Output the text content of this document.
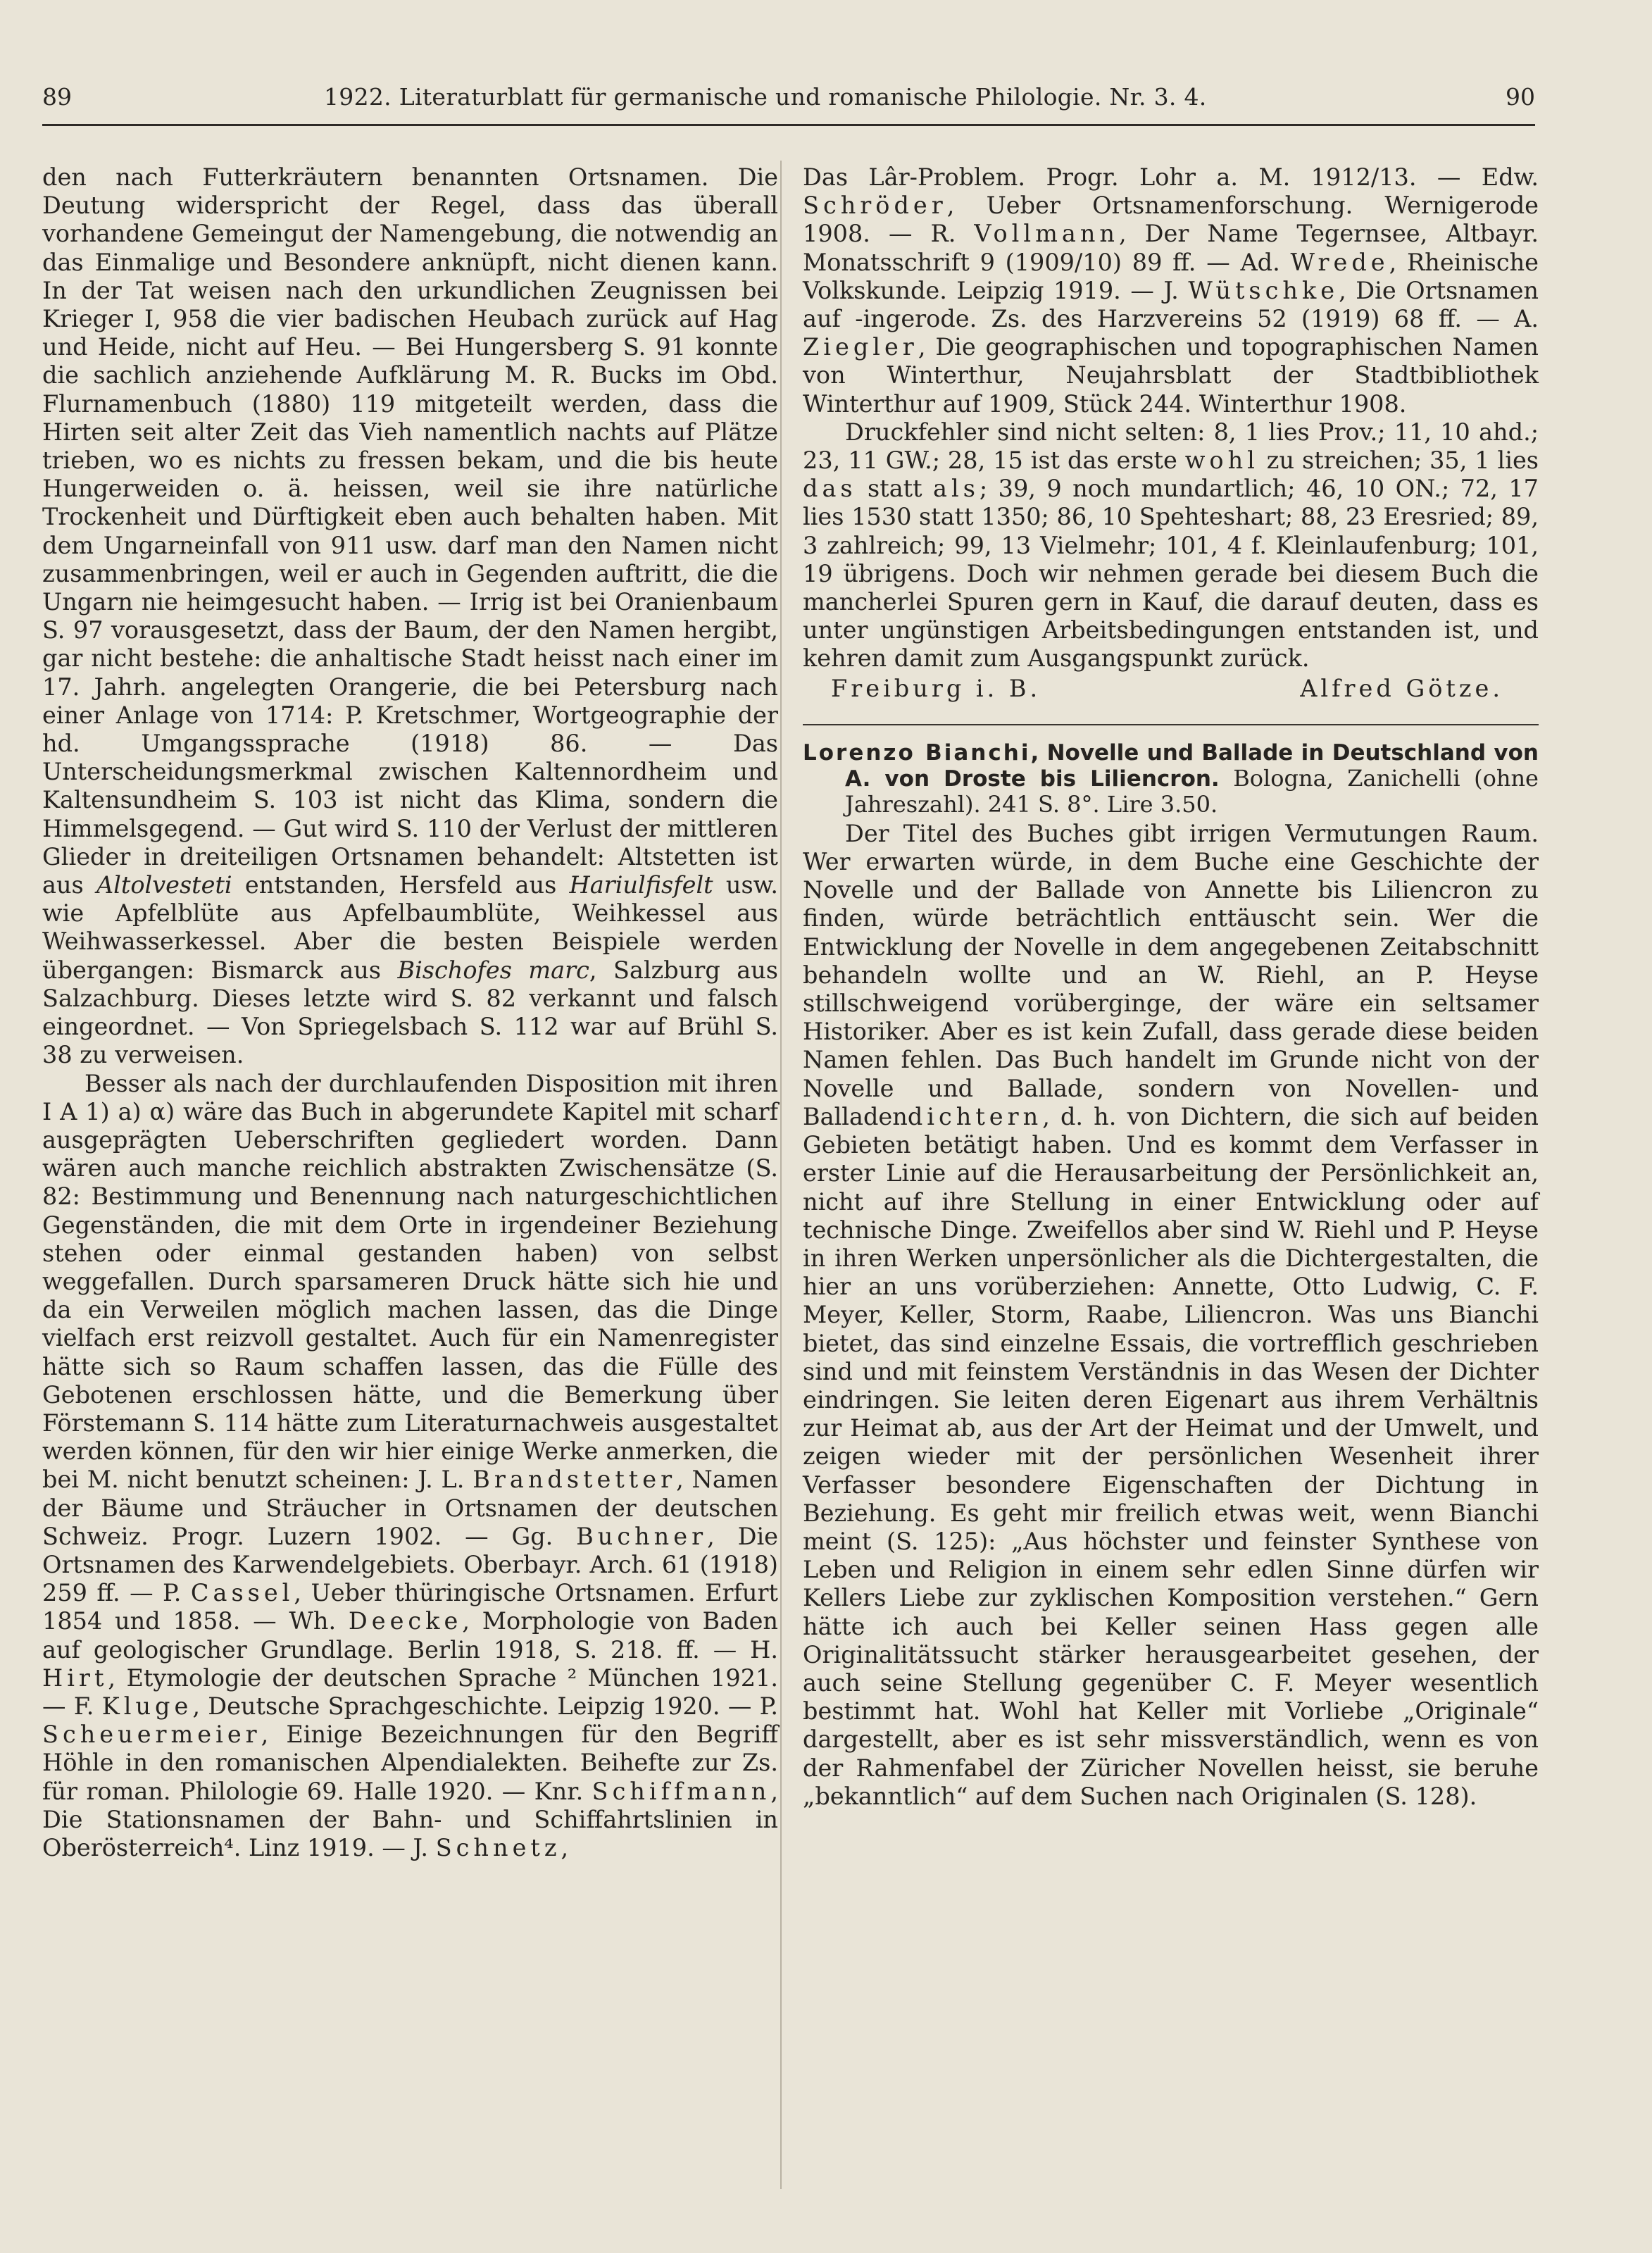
89	1922. Literaturblatt für germanische und romanische Philologie. Nr. 3. 4.	90

den nach Futterkräutern benannten Ortsnamen. Die Deutung widerspricht der Regel, dass das überall vorhandene Gemeingut der Namengebung, die notwendig an das Einmalige und Besondere anknüpft, nicht dienen kann. In der Tat weisen nach den urkundlichen Zeugnissen bei Krieger I, 958 die vier badischen Heubach zurück auf Hag und Heide, nicht auf Heu. — Bei Hungersberg S. 91 konnte die sachlich anziehende Aufklärung M. R. Bucks im Obd. Flurnamenbuch (1880) 119 mitgeteilt werden, dass die Hirten seit alter Zeit das Vieh namentlich nachts auf Plätze trieben, wo es nichts zu fressen bekam, und die bis heute Hungerweiden o. ä. heissen, weil sie ihre natürliche Trockenheit und Dürftigkeit eben auch behalten haben. Mit dem Ungarneinfall von 911 usw. darf man den Namen nicht zusammenbringen, weil er auch in Gegenden auftritt, die die Ungarn nie heimgesucht haben. — Irrig ist bei Oranienbaum S. 97 vorausgesetzt, dass der Baum, der den Namen hergibt, gar nicht bestehe: die anhaltische Stadt heisst nach einer im 17. Jahrh. angelegten Orangerie, die bei Petersburg nach einer Anlage von 1714: P. Kretschmer, Wortgeographie der hd. Umgangssprache (1918) 86. — Das Unterscheidungsmerkmal zwischen Kaltennordheim und Kaltensundheim S. 103 ist nicht das Klima, sondern die Himmelsgegend. — Gut wird S. 110 der Verlust der mittleren Glieder in dreiteiligen Ortsnamen behandelt: Altstetten ist aus Altolvesteti entstanden, Hersfeld aus Hariulfisfelt usw. wie Apfelblüte aus Apfelbaumblüte, Weihkessel aus Weihwasserkessel. Aber die besten Beispiele werden übergangen: Bismarck aus Bischofes marc, Salzburg aus Salzachburg. Dieses letzte wird S. 82 verkannt und falsch eingeordnet. — Von Spriegelsbach S. 112 war auf Brühl S. 38 zu verweisen.

Besser als nach der durchlaufenden Disposition mit ihren I A 1) a) α) wäre das Buch in abgerundete Kapitel mit scharf ausgeprägten Ueberschriften gegliedert worden. Dann wären auch manche reichlich abstrakten Zwischensätze (S. 82: Bestimmung und Benennung nach naturgeschichtlichen Gegenständen, die mit dem Orte in irgendeiner Beziehung stehen oder einmal gestanden haben) von selbst weggefallen. Durch sparsameren Druck hätte sich hie und da ein Verweilen möglich machen lassen, das die Dinge vielfach erst reizvoll gestaltet. Auch für ein Namenregister hätte sich so Raum schaffen lassen, das die Fülle des Gebotenen erschlossen hätte, und die Bemerkung über Förstemann S. 114 hätte zum Literaturnachweis ausgestaltet werden können, für den wir hier einige Werke anmerken, die bei M. nicht benutzt scheinen: J. L. Brandstetter, Namen der Bäume und Sträucher in Ortsnamen der deutschen Schweiz. Progr. Luzern 1902. — Gg. Buchner, Die Ortsnamen des Karwendelgebiets. Oberbayr. Arch. 61 (1918) 259 ff. — P. Cassel, Ueber thüringische Ortsnamen. Erfurt 1854 und 1858. — Wh. Deecke, Morphologie von Baden auf geologischer Grundlage. Berlin 1918, S. 218. ff. — H. Hirt, Etymologie der deutschen Sprache ² München 1921. — F. Kluge, Deutsche Sprachgeschichte. Leipzig 1920. — P. Scheuermeier, Einige Bezeichnungen für den Begriff Höhle in den romanischen Alpendialekten. Beihefte zur Zs. für roman. Philologie 69. Halle 1920. — Knr. Schiffmann, Die Stationsnamen der Bahn- und Schiffahrtslinien in Oberösterreich⁴. Linz 1919. — J. Schnetz,

Das Lâr-Problem. Progr. Lohr a. M. 1912/13. — Edw. Schröder, Ueber Ortsnamenforschung. Wernigerode 1908. — R. Vollmann, Der Name Tegernsee, Altbayr. Monatsschrift 9 (1909/10) 89 ff. — Ad. Wrede, Rheinische Volkskunde. Leipzig 1919. — J. Wütschke, Die Ortsnamen auf -ingerode. Zs. des Harzvereins 52 (1919) 68 ff. — A. Ziegler, Die geographischen und topographischen Namen von Winterthur, Neujahrsblatt der Stadtbibliothek Winterthur auf 1909, Stück 244. Winterthur 1908.

Druckfehler sind nicht selten: 8, 1 lies Prov.; 11, 10 ahd.; 23, 11 GW.; 28, 15 ist das erste wohl zu streichen; 35, 1 lies das statt als; 39, 9 noch mundartlich; 46, 10 ON.; 72, 17 lies 1530 statt 1350; 86, 10 Spehteshart; 88, 23 Eresried; 89, 3 zahlreich; 99, 13 Vielmehr; 101, 4 f. Kleinlaufenburg; 101, 19 übrigens. Doch wir nehmen gerade bei diesem Buch die mancherlei Spuren gern in Kauf, die darauf deuten, dass es unter ungünstigen Arbeitsbedingungen entstanden ist, und kehren damit zum Ausgangspunkt zurück.

Freiburg i. B.	Alfred Götze.
Lorenzo Bianchi, Novelle und Ballade in Deutschland von A. von Droste bis Liliencron. Bologna, Zanichelli (ohne Jahreszahl). 241 S. 8°. Lire 3.50.

Der Titel des Buches gibt irrigen Vermutungen Raum. Wer erwarten würde, in dem Buche eine Geschichte der Novelle und der Ballade von Annette bis Liliencron zu finden, würde beträchtlich enttäuscht sein. Wer die Entwicklung der Novelle in dem angegebenen Zeitabschnitt behandeln wollte und an W. Riehl, an P. Heyse stillschweigend vorüberginge, der wäre ein seltsamer Historiker. Aber es ist kein Zufall, dass gerade diese beiden Namen fehlen. Das Buch handelt im Grunde nicht von der Novelle und Ballade, sondern von Novellen- und Balladendichtern, d. h. von Dichtern, die sich auf beiden Gebieten betätigt haben. Und es kommt dem Verfasser in erster Linie auf die Herausarbeitung der Persönlichkeit an, nicht auf ihre Stellung in einer Entwicklung oder auf technische Dinge. Zweifellos aber sind W. Riehl und P. Heyse in ihren Werken unpersönlicher als die Dichtergestalten, die hier an uns vorüberziehen: Annette, Otto Ludwig, C. F. Meyer, Keller, Storm, Raabe, Liliencron. Was uns Bianchi bietet, das sind einzelne Essais, die vortrefflich geschrieben sind und mit feinstem Verständnis in das Wesen der Dichter eindringen. Sie leiten deren Eigenart aus ihrem Verhältnis zur Heimat ab, aus der Art der Heimat und der Umwelt, und zeigen wieder mit der persönlichen Wesenheit ihrer Verfasser besondere Eigenschaften der Dichtung in Beziehung. Es geht mir freilich etwas weit, wenn Bianchi meint (S. 125): „Aus höchster und feinster Synthese von Leben und Religion in einem sehr edlen Sinne dürfen wir Kellers Liebe zur zyklischen Komposition verstehen.“ Gern hätte ich auch bei Keller seinen Hass gegen alle Originalitätssucht stärker herausgearbeitet gesehen, der auch seine Stellung gegenüber C. F. Meyer wesentlich bestimmt hat. Wohl hat Keller mit Vorliebe „Originale“ dargestellt, aber es ist sehr missverständlich, wenn es von der Rahmenfabel der Züricher Novellen heisst, sie beruhe „bekanntlich“ auf dem Suchen nach Originalen (S. 128).
